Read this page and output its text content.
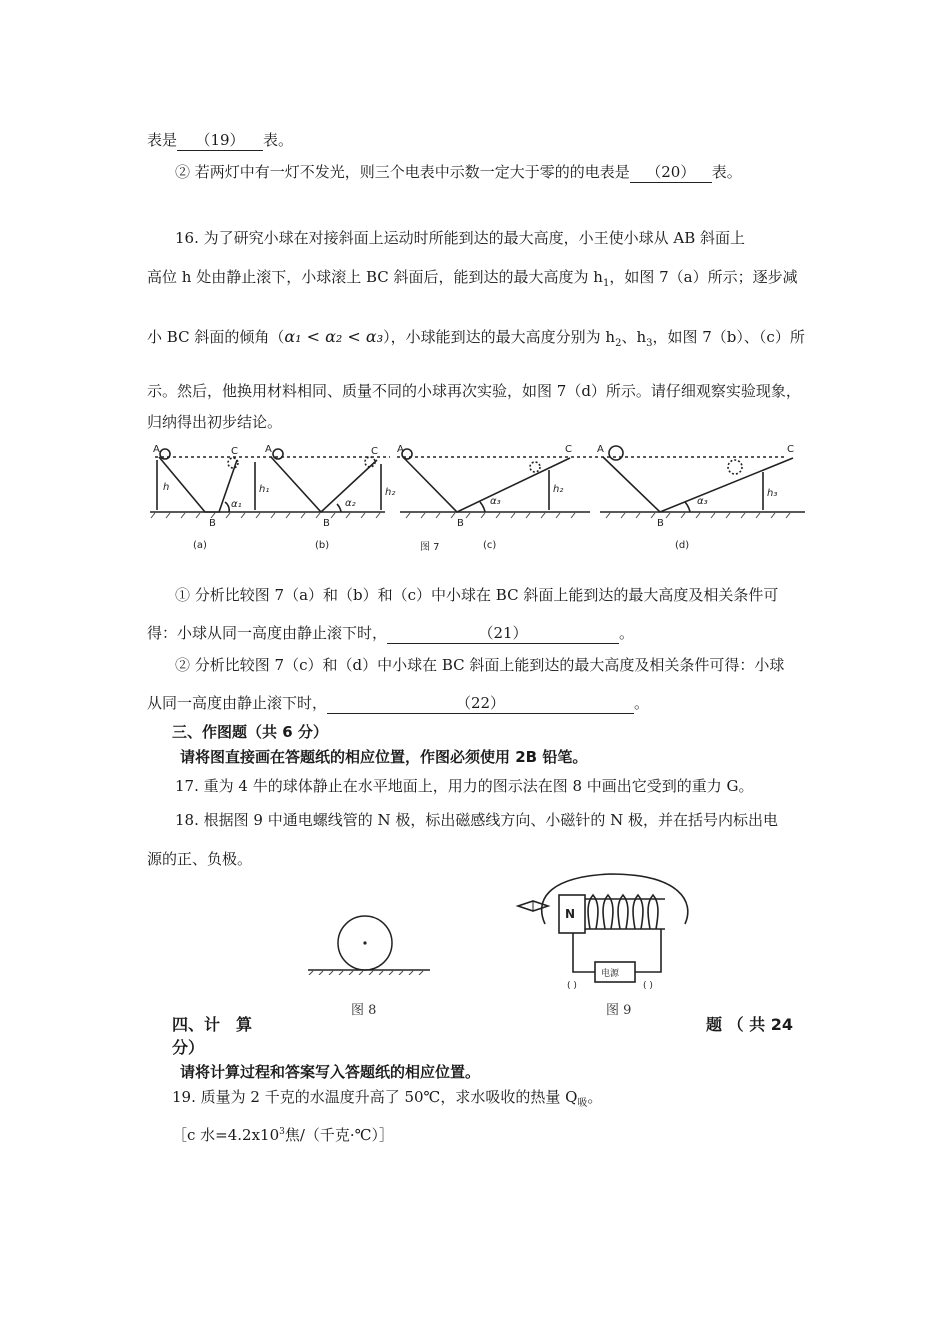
表是 （19） 表。
② 若两灯中有一灯不发光，则三个电表中示数一定大于零的的电表是 （20） 表。
16. 为了研究小球在对接斜面上运动时所能到达的最大高度，小王使小球从 AB 斜面上
高位 h 处由静止滚下，小球滚上 BC 斜面后，能到达的最大高度为 $h_1$，如图 7（a）所示；逐步减
小 BC 斜面的倾角（α₁ < α₂ < α₃），小球能到达的最大高度分别为 $h_2$、$h_3$，如图 7（b）、（c）所
示。然后，他换用材料相同、质量不同的小球再次实验，如图 7（d）所示。请仔细观察实验现象，
归纳得出初步结论。
A	C
B
h	h₁
α₁
A	C
B
h₂
α₂
A	C
B
h₂
α₃
A	C
B
h₃
α₃
(a)	(b)	图 7	(c)	(d)
① 分析比较图 7（a）和（b）和（c）中小球在 BC 斜面上能到达的最大高度及相关条件可
得：小球从同一高度由静止滚下时，	（21）	。
② 分析比较图 7（c）和（d）中小球在 BC 斜面上能到达的最大高度及相关条件可得：小球
从同一高度由静止滚下时，	（22）	。
三、作图题（共 6 分）
请将图直接画在答题纸的相应位置，作图必须使用 2B 铅笔。
17. 重为 4 牛的球体静止在水平地面上，用力的图示法在图 8 中画出它受到的重力 G。
18. 根据图 9 中通电螺线管的 N 极，标出磁感线方向、小磁针的 N 极，并在括号内标出电
源的正、负极。
图 8
N
电源
( )	( )
图 9
四、计　算	题 （ 共 24
分）
请将计算过程和答案写入答题纸的相应位置。
19. 质量为 2 千克的水温度升高了 50℃，求水吸收的热量 $Q_吸$。
［c 水$=4.2x10^3$焦/（千克·℃）］
